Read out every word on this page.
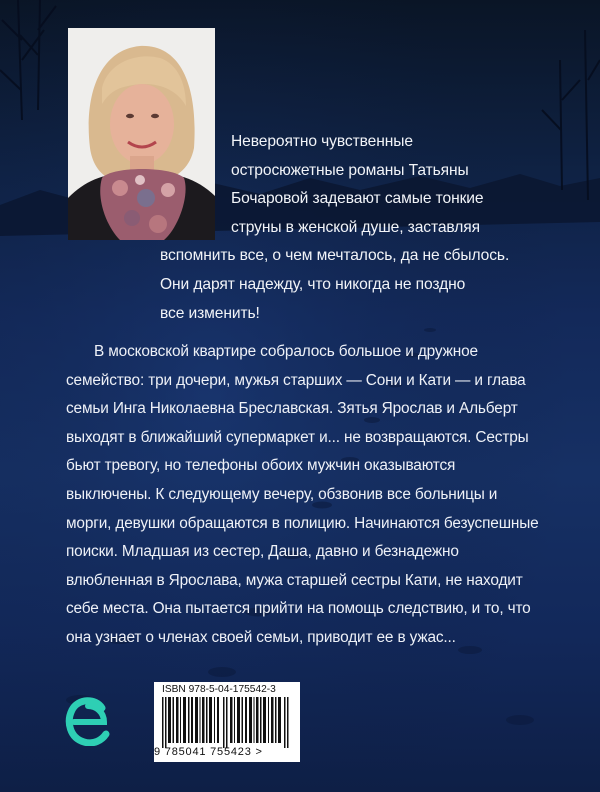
Невероятно чувственные
остросюжетные романы Татьяны
Бочаровой задевают самые тонкие
струны в женской душе, заставляя
вспомнить все, о чем мечталось, да не сбылось.
Они дарят надежду, что никогда не поздно
все изменить!
В московской квартире собралось большое и дружное
семейство: три дочери, мужья старших — Сони и Кати — и глава
семьи Инга Николаевна Бреславская. Зятья Ярослав и Альберт
выходят в ближайший супермаркет и... не возвращаются. Сестры
бьют тревогу, но телефоны обоих мужчин оказываются
выключены. К следующему вечеру, обзвонив все больницы и
морги, девушки обращаются в полицию. Начинаются безуспешные
поиски. Младшая из сестер, Даша, давно и безнадежно
влюбленная в Ярослава, мужа старшей сестры Кати, не находит
себе места. Она пытается прийти на помощь следствию, и то, что
она узнает о членах своей семьи, приводит ее в ужас...
ISBN 978-5-04-175542-3
9 785041 755423 >
